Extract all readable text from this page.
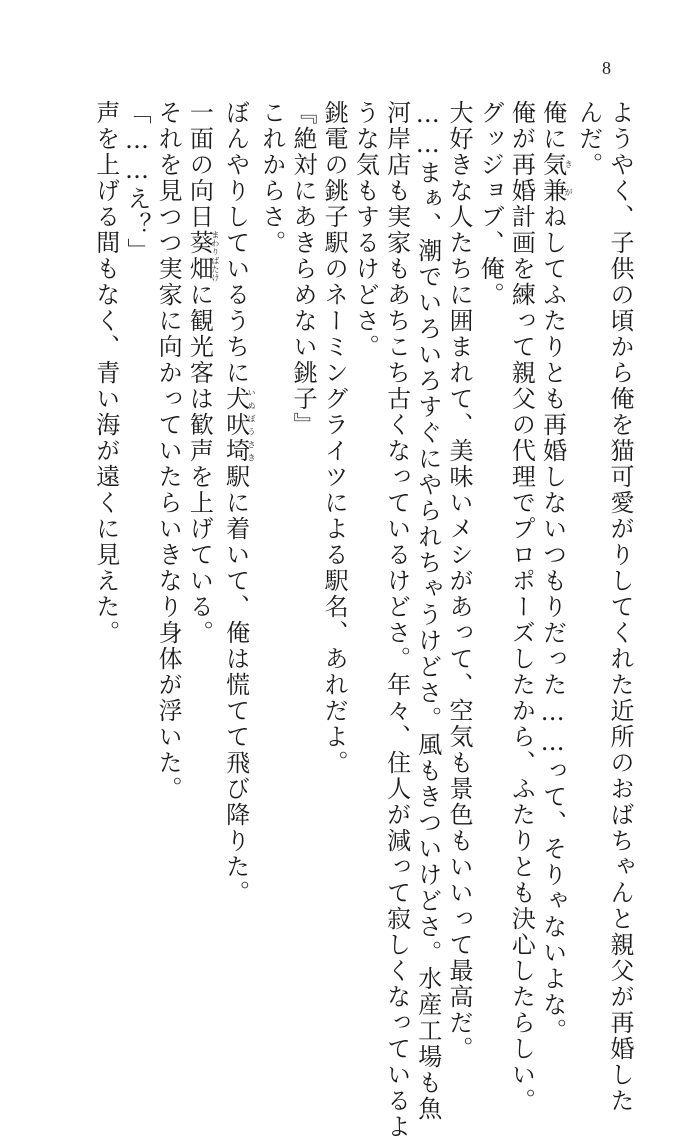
8
ようやく、子供の頃から俺を猫可愛がりしてくれた近所のおばちゃんと親父が再婚した
んだ。
俺に気兼きがねしてふたりとも再婚しないつもりだった……って、そりゃないよな。
俺が再婚計画を練って親父の代理でプロポーズしたから、ふたりとも決心したらしい。
グッジョブ、俺。
大好きな人たちに囲まれて、美味いメシがあって、空気も景色もいいって最高だ。
……まぁ、潮でいろいろすぐにやられちゃうけどさ。風もきついけどさ。水産工場も魚
河岸店も実家もあちこち古くなっているけどさ。年々、住人が減って寂しくなっているよ
うな気もするけどさ。
銚電の銚子駅のネーミングライツによる駅名、あれだよ。
『絶対にあきらめない銚子』
これからさ。
ぼんやりしているうちに犬吠埼いぬぼうさき駅に着いて、俺は慌てて飛び降りた。
一面の向日葵畑まわりばたけに観光客は歓声を上げている。
それを見つつ実家に向かっていたらいきなり身体が浮いた。
「……え？」
声を上げる間もなく、青い海が遠くに見えた。
